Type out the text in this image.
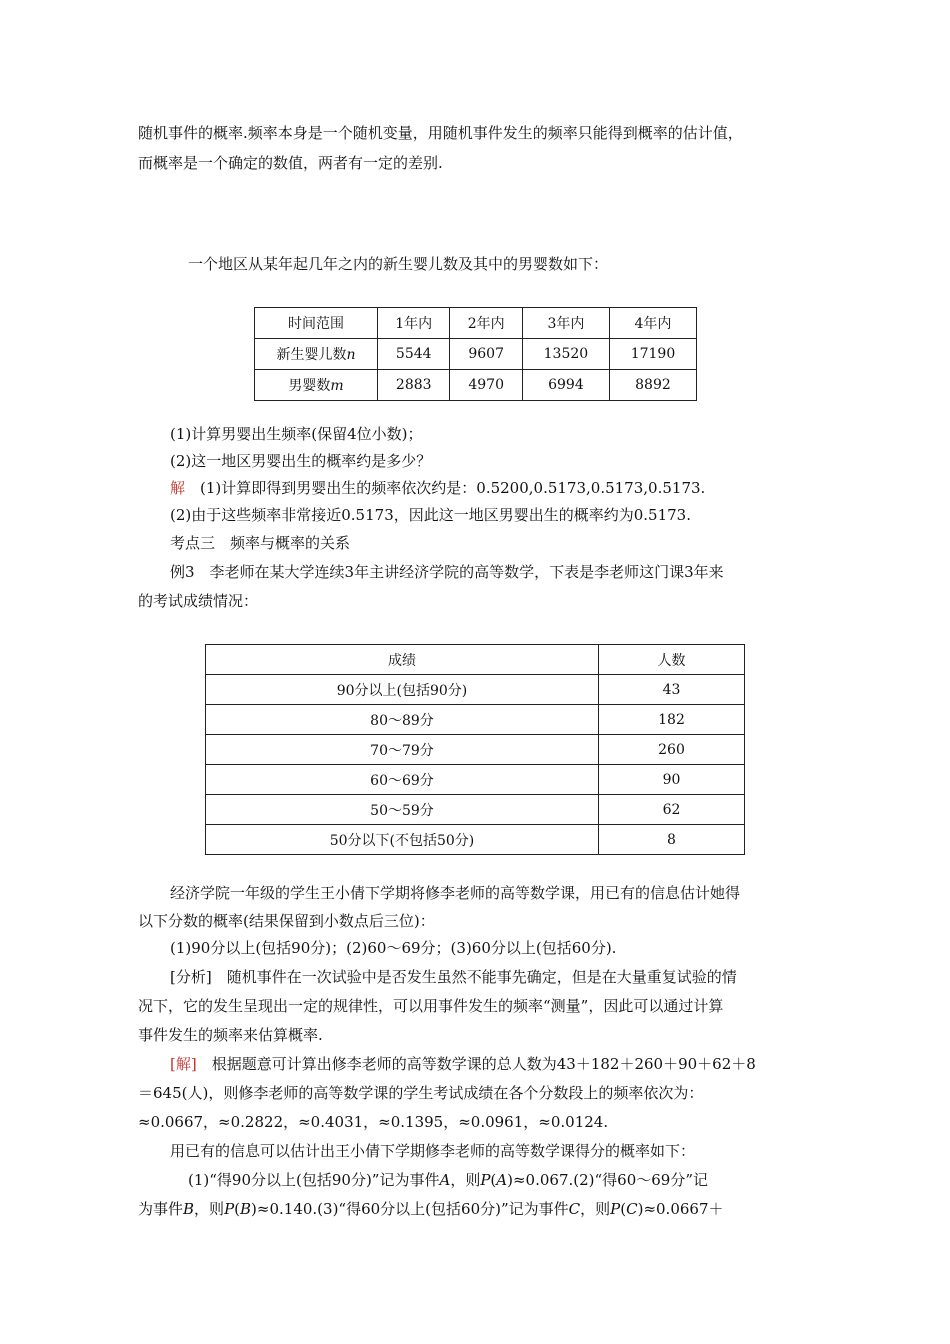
随机事件的概率.频率本身是一个随机变量，用随机事件发生的频率只能得到概率的估计值，
而概率是一个确定的数值，两者有一定的差别.
一个地区从某年起几年之内的新生婴儿数及其中的男婴数如下：
时间范围	1年内	2年内	3年内	4年内
新生婴儿数n	5544	9607	13520	17190
男婴数m	2883	4970	6994	8892
(1)计算男婴出生频率(保留4位小数)；
(2)这一地区男婴出生的概率约是多少？
解　 (1)计算即得到男婴出生的频率依次约是：0.5200,0.5173,0.5173,0.5173.
(2)由于这些频率非常接近0.5173，因此这一地区男婴出生的概率约为0.5173.
考点三　频率与概率的关系
例3　李老师在某大学连续3年主讲经济学院的高等数学，下表是李老师这门课3年来
的考试成绩情况：
成绩	人数
90分以上(包括90分)	43
80～89分	182
70～79分	260
60～69分	90
50～59分	62
50分以下(不包括50分)	8
经济学院一年级的学生王小倩下学期将修李老师的高等数学课，用已有的信息估计她得
以下分数的概率(结果保留到小数点后三位)：
(1)90分以上(包括90分)；(2)60～69分；(3)60分以上(包括60分).
[分析]　 随机事件在一次试验中是否发生虽然不能事先确定，但是在大量重复试验的情
况下，它的发生呈现出一定的规律性，可以用事件发生的频率“测量”，因此可以通过计算
事件发生的频率来估算概率.
[解]　 根据题意可计算出修李老师的高等数学课的总人数为43＋182＋260＋90＋62＋8
＝645(人)，则修李老师的高等数学课的学生考试成绩在各个分数段上的频率依次为：
≈0.0667，≈0.2822，≈0.4031，≈0.1395，≈0.0961，≈0.0124.
用已有的信息可以估计出王小倩下学期修李老师的高等数学课得分的概率如下：
(1)“得90分以上(包括90分)”记为事件A，则P(A)≈0.067.(2)“得60～69分”记
为事件B，则P(B)≈0.140.(3)“得60分以上(包括60分)”记为事件C，则P(C)≈0.0667＋
